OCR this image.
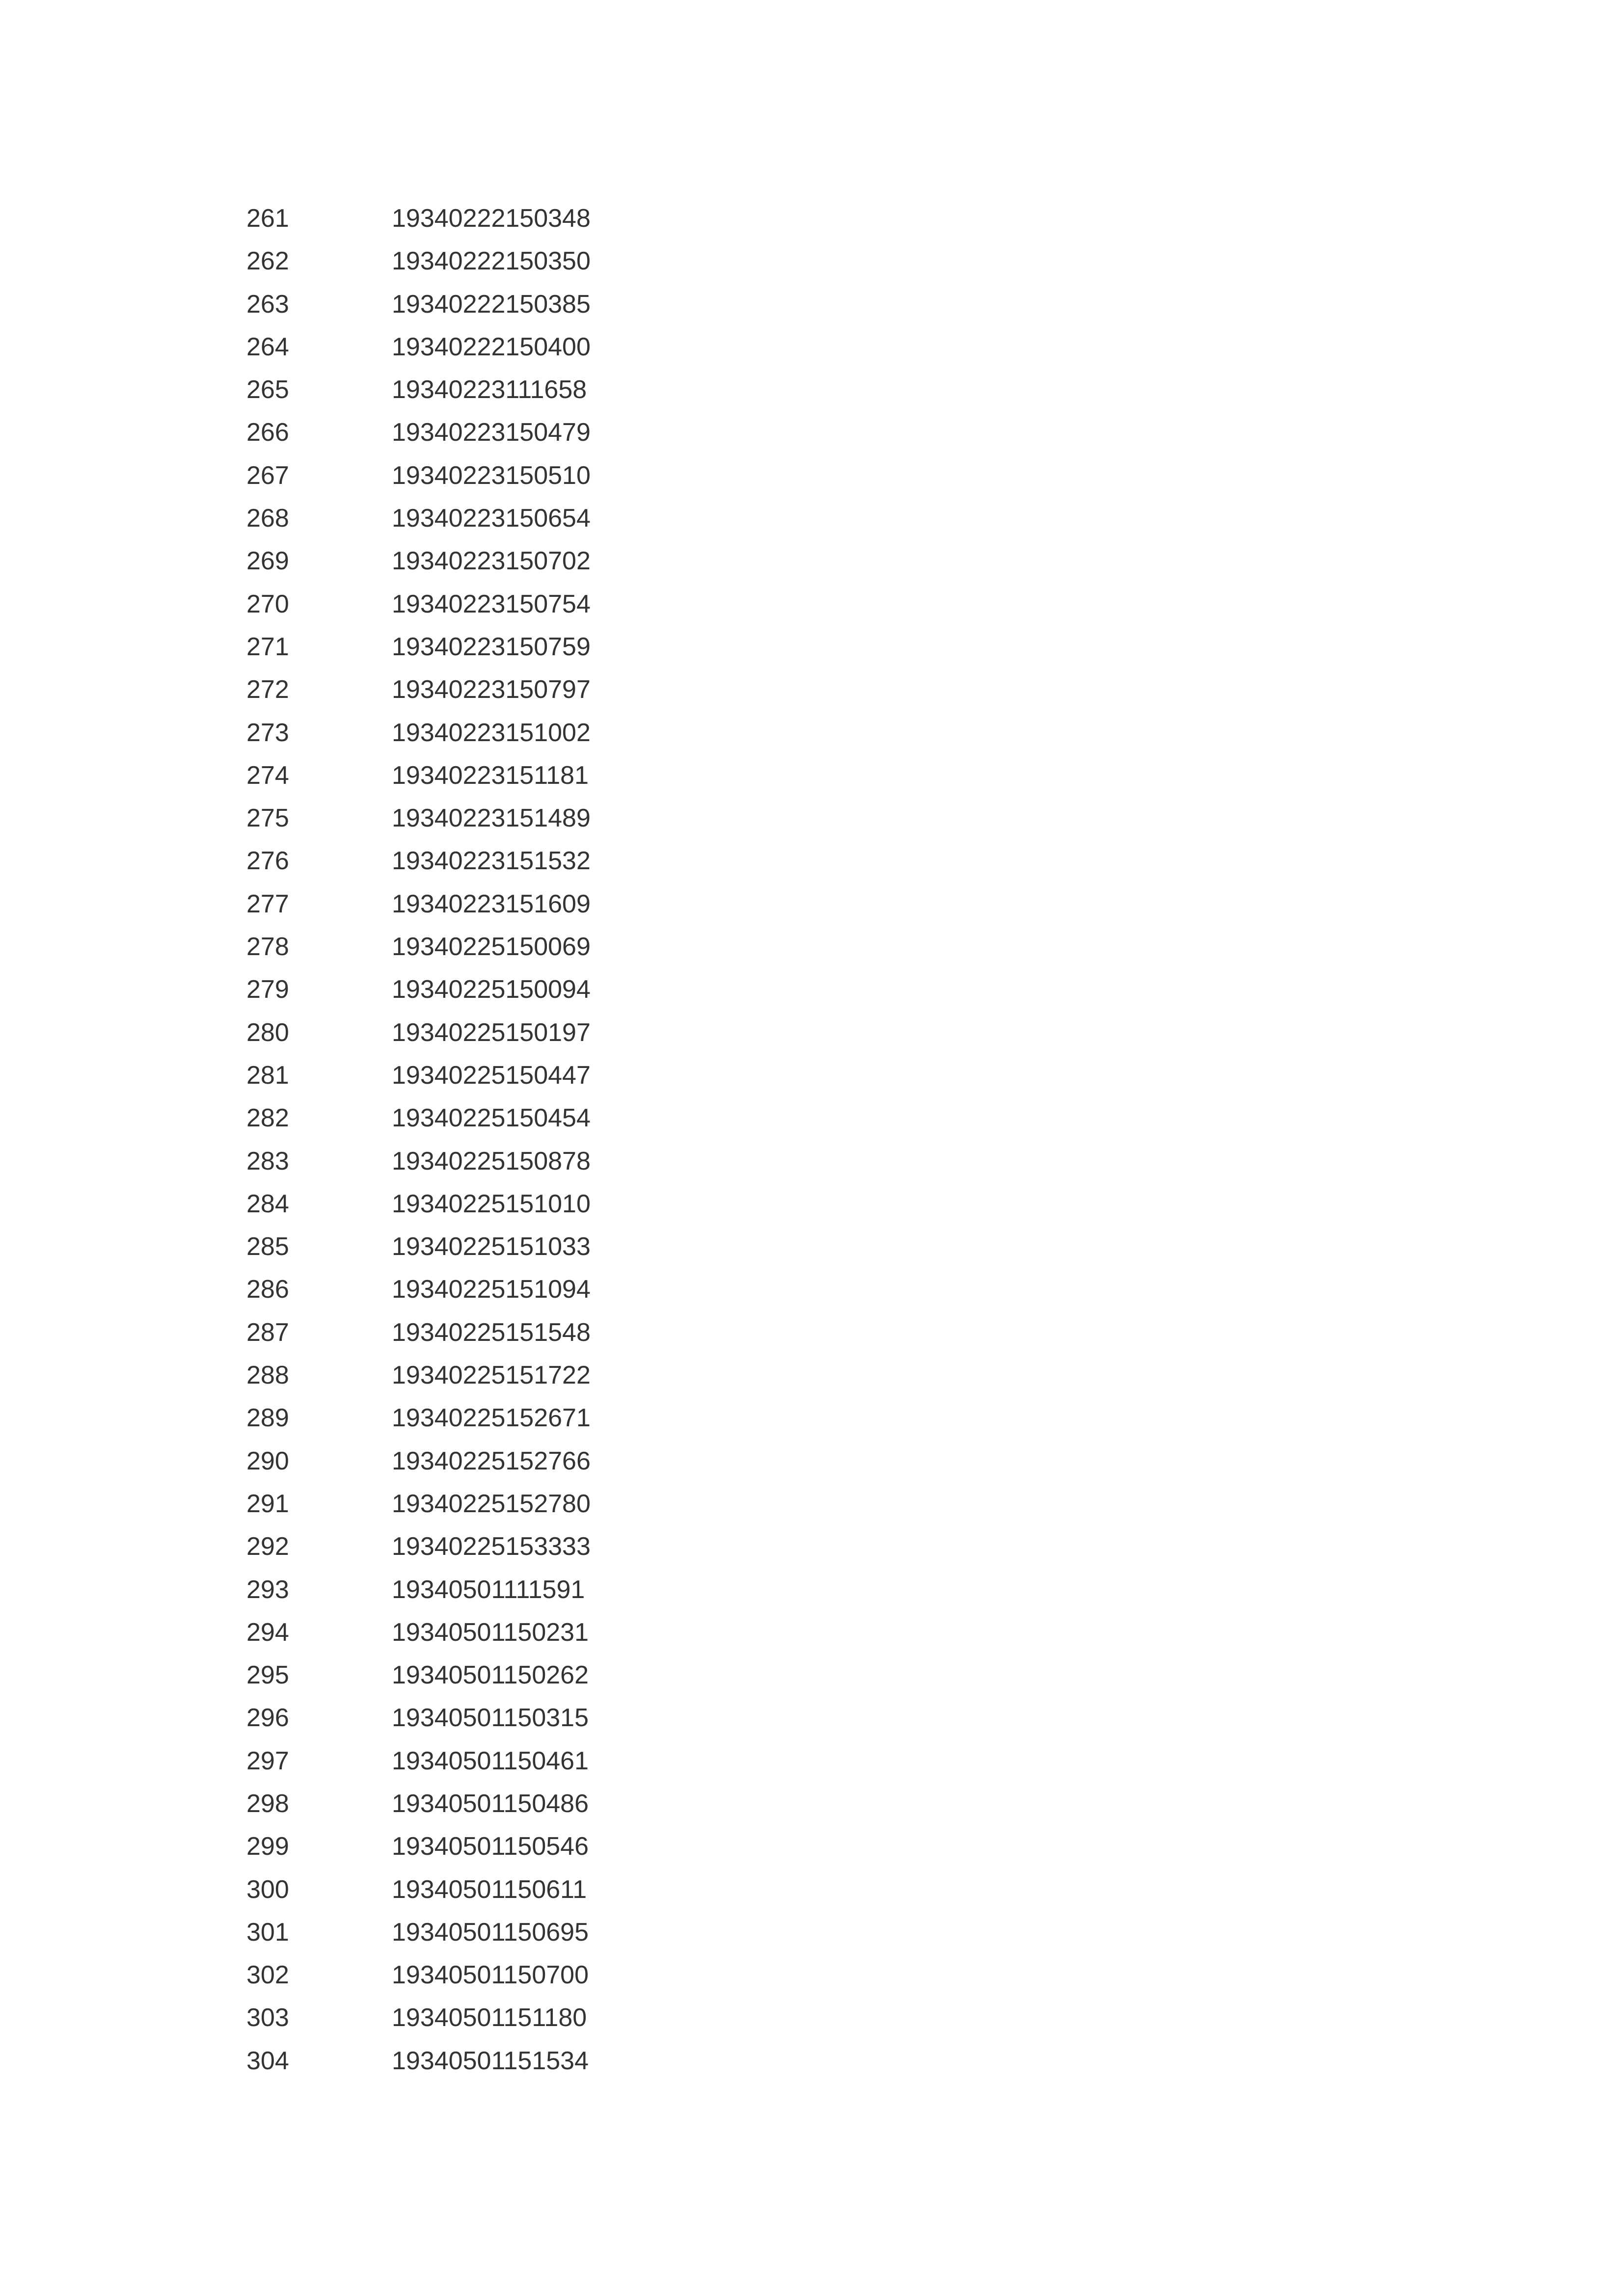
261	19340222150348
262	19340222150350
263	19340222150385
264	19340222150400
265	19340223111658
266	19340223150479
267	19340223150510
268	19340223150654
269	19340223150702
270	19340223150754
271	19340223150759
272	19340223150797
273	19340223151002
274	19340223151181
275	19340223151489
276	19340223151532
277	19340223151609
278	19340225150069
279	19340225150094
280	19340225150197
281	19340225150447
282	19340225150454
283	19340225150878
284	19340225151010
285	19340225151033
286	19340225151094
287	19340225151548
288	19340225151722
289	19340225152671
290	19340225152766
291	19340225152780
292	19340225153333
293	19340501111591
294	19340501150231
295	19340501150262
296	19340501150315
297	19340501150461
298	19340501150486
299	19340501150546
300	19340501150611
301	19340501150695
302	19340501150700
303	19340501151180
304	19340501151534
